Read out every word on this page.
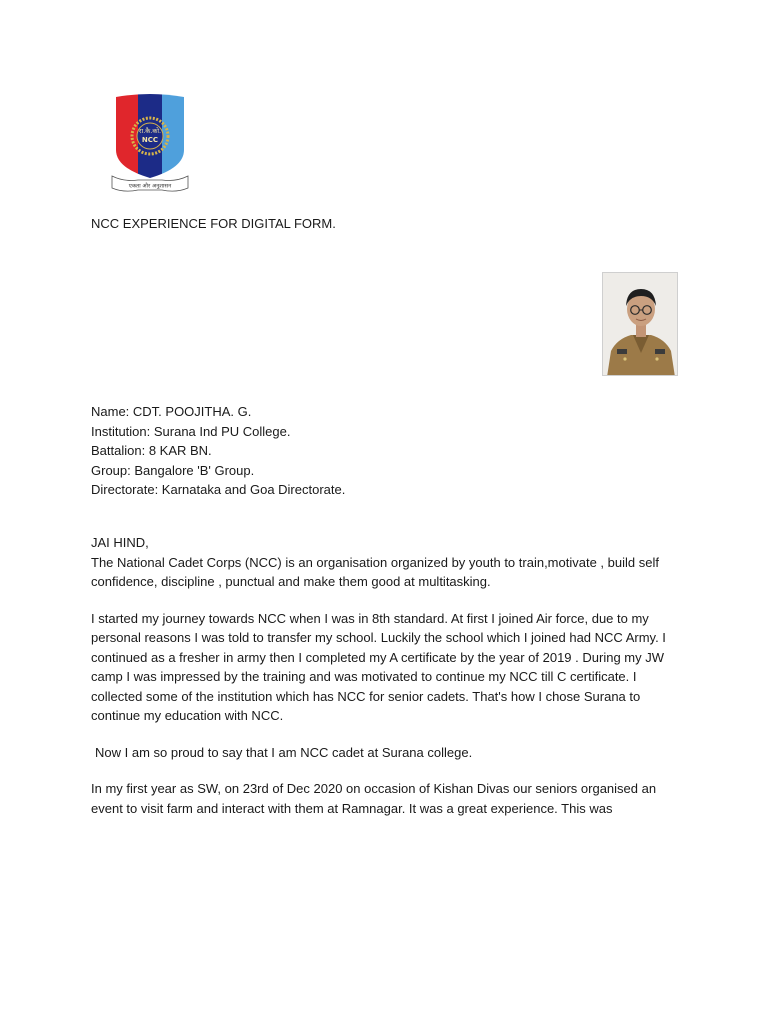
रा.कै.को.
NCC
एकता और अनुशासन
NCC EXPERIENCE FOR DIGITAL FORM.
Name: CDT. POOJITHA. G.
Institution: Surana Ind PU College.
Battalion: 8 KAR BN.
Group: Bangalore 'B' Group.
Directorate: Karnataka and Goa Directorate.

JAI HIND,

The National Cadet Corps (NCC) is an organisation organized by youth to train,motivate , build self confidence, discipline , punctual and make them good at multitasking.

I started my journey towards NCC when I was in 8th standard. At first I joined Air force, due to my personal reasons I was told to transfer my school. Luckily the school which I joined had NCC Army. I continued as a fresher in army then I completed my A certificate by the year of 2019 . During my JW camp I was impressed by the training and was motivated to continue my NCC till C certificate. I collected some of the institution which has NCC for senior cadets. That's how I chose Surana to continue my education with NCC.

Now I am so proud to say that I am NCC cadet at Surana college.

In my first year as SW, on 23rd of Dec 2020 on occasion of Kishan Divas our seniors organised an event to visit farm and interact with them at Ramnagar. It was a great experience. This was
